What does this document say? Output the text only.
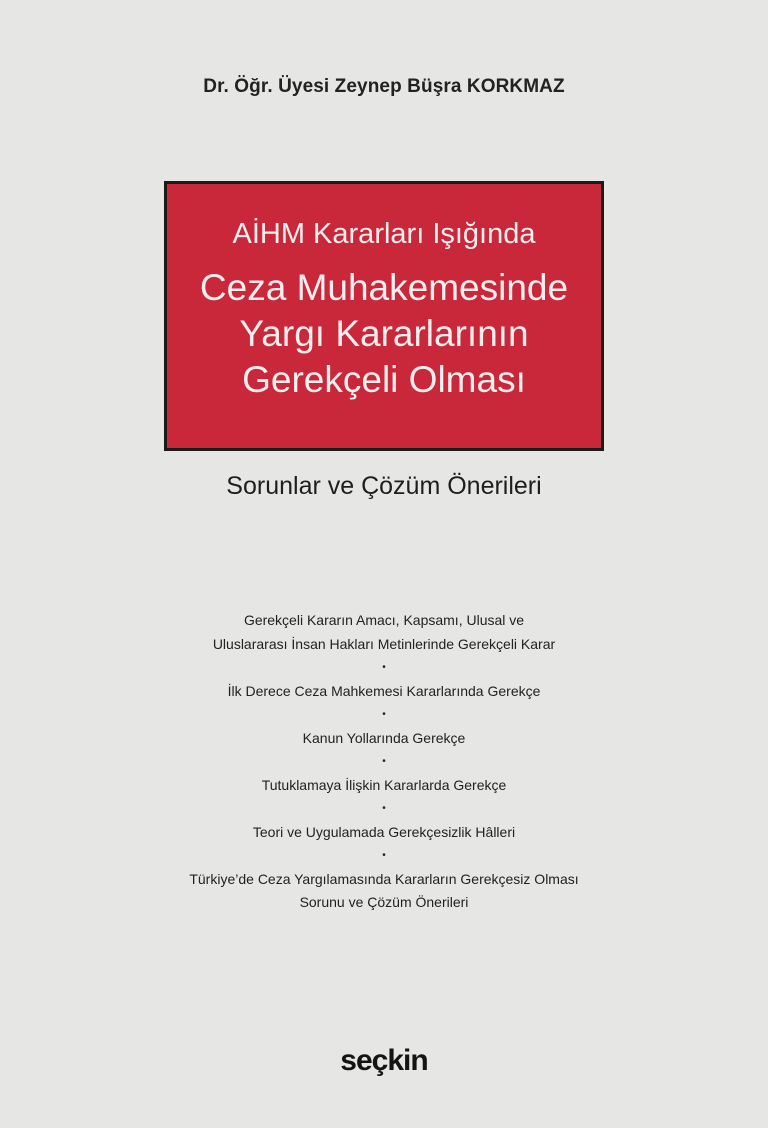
Dr. Öğr. Üyesi Zeynep Büşra KORKMAZ
AİHM Kararları Işığında
Ceza Muhakemesinde
Yargı Kararlarının
Gerekçeli Olması
Sorunlar ve Çözüm Önerileri
Gerekçeli Kararın Amacı, Kapsamı, Ulusal ve
Uluslararası İnsan Hakları Metinlerinde Gerekçeli Karar
•
İlk Derece Ceza Mahkemesi Kararlarında Gerekçe
•
Kanun Yollarında Gerekçe
•
Tutuklamaya İlişkin Kararlarda Gerekçe
•
Teori ve Uygulamada Gerekçesizlik Hâlleri
•
Türkiye’de Ceza Yargılamasında Kararların Gerekçesiz Olması
Sorunu ve Çözüm Önerileri
seçkin
